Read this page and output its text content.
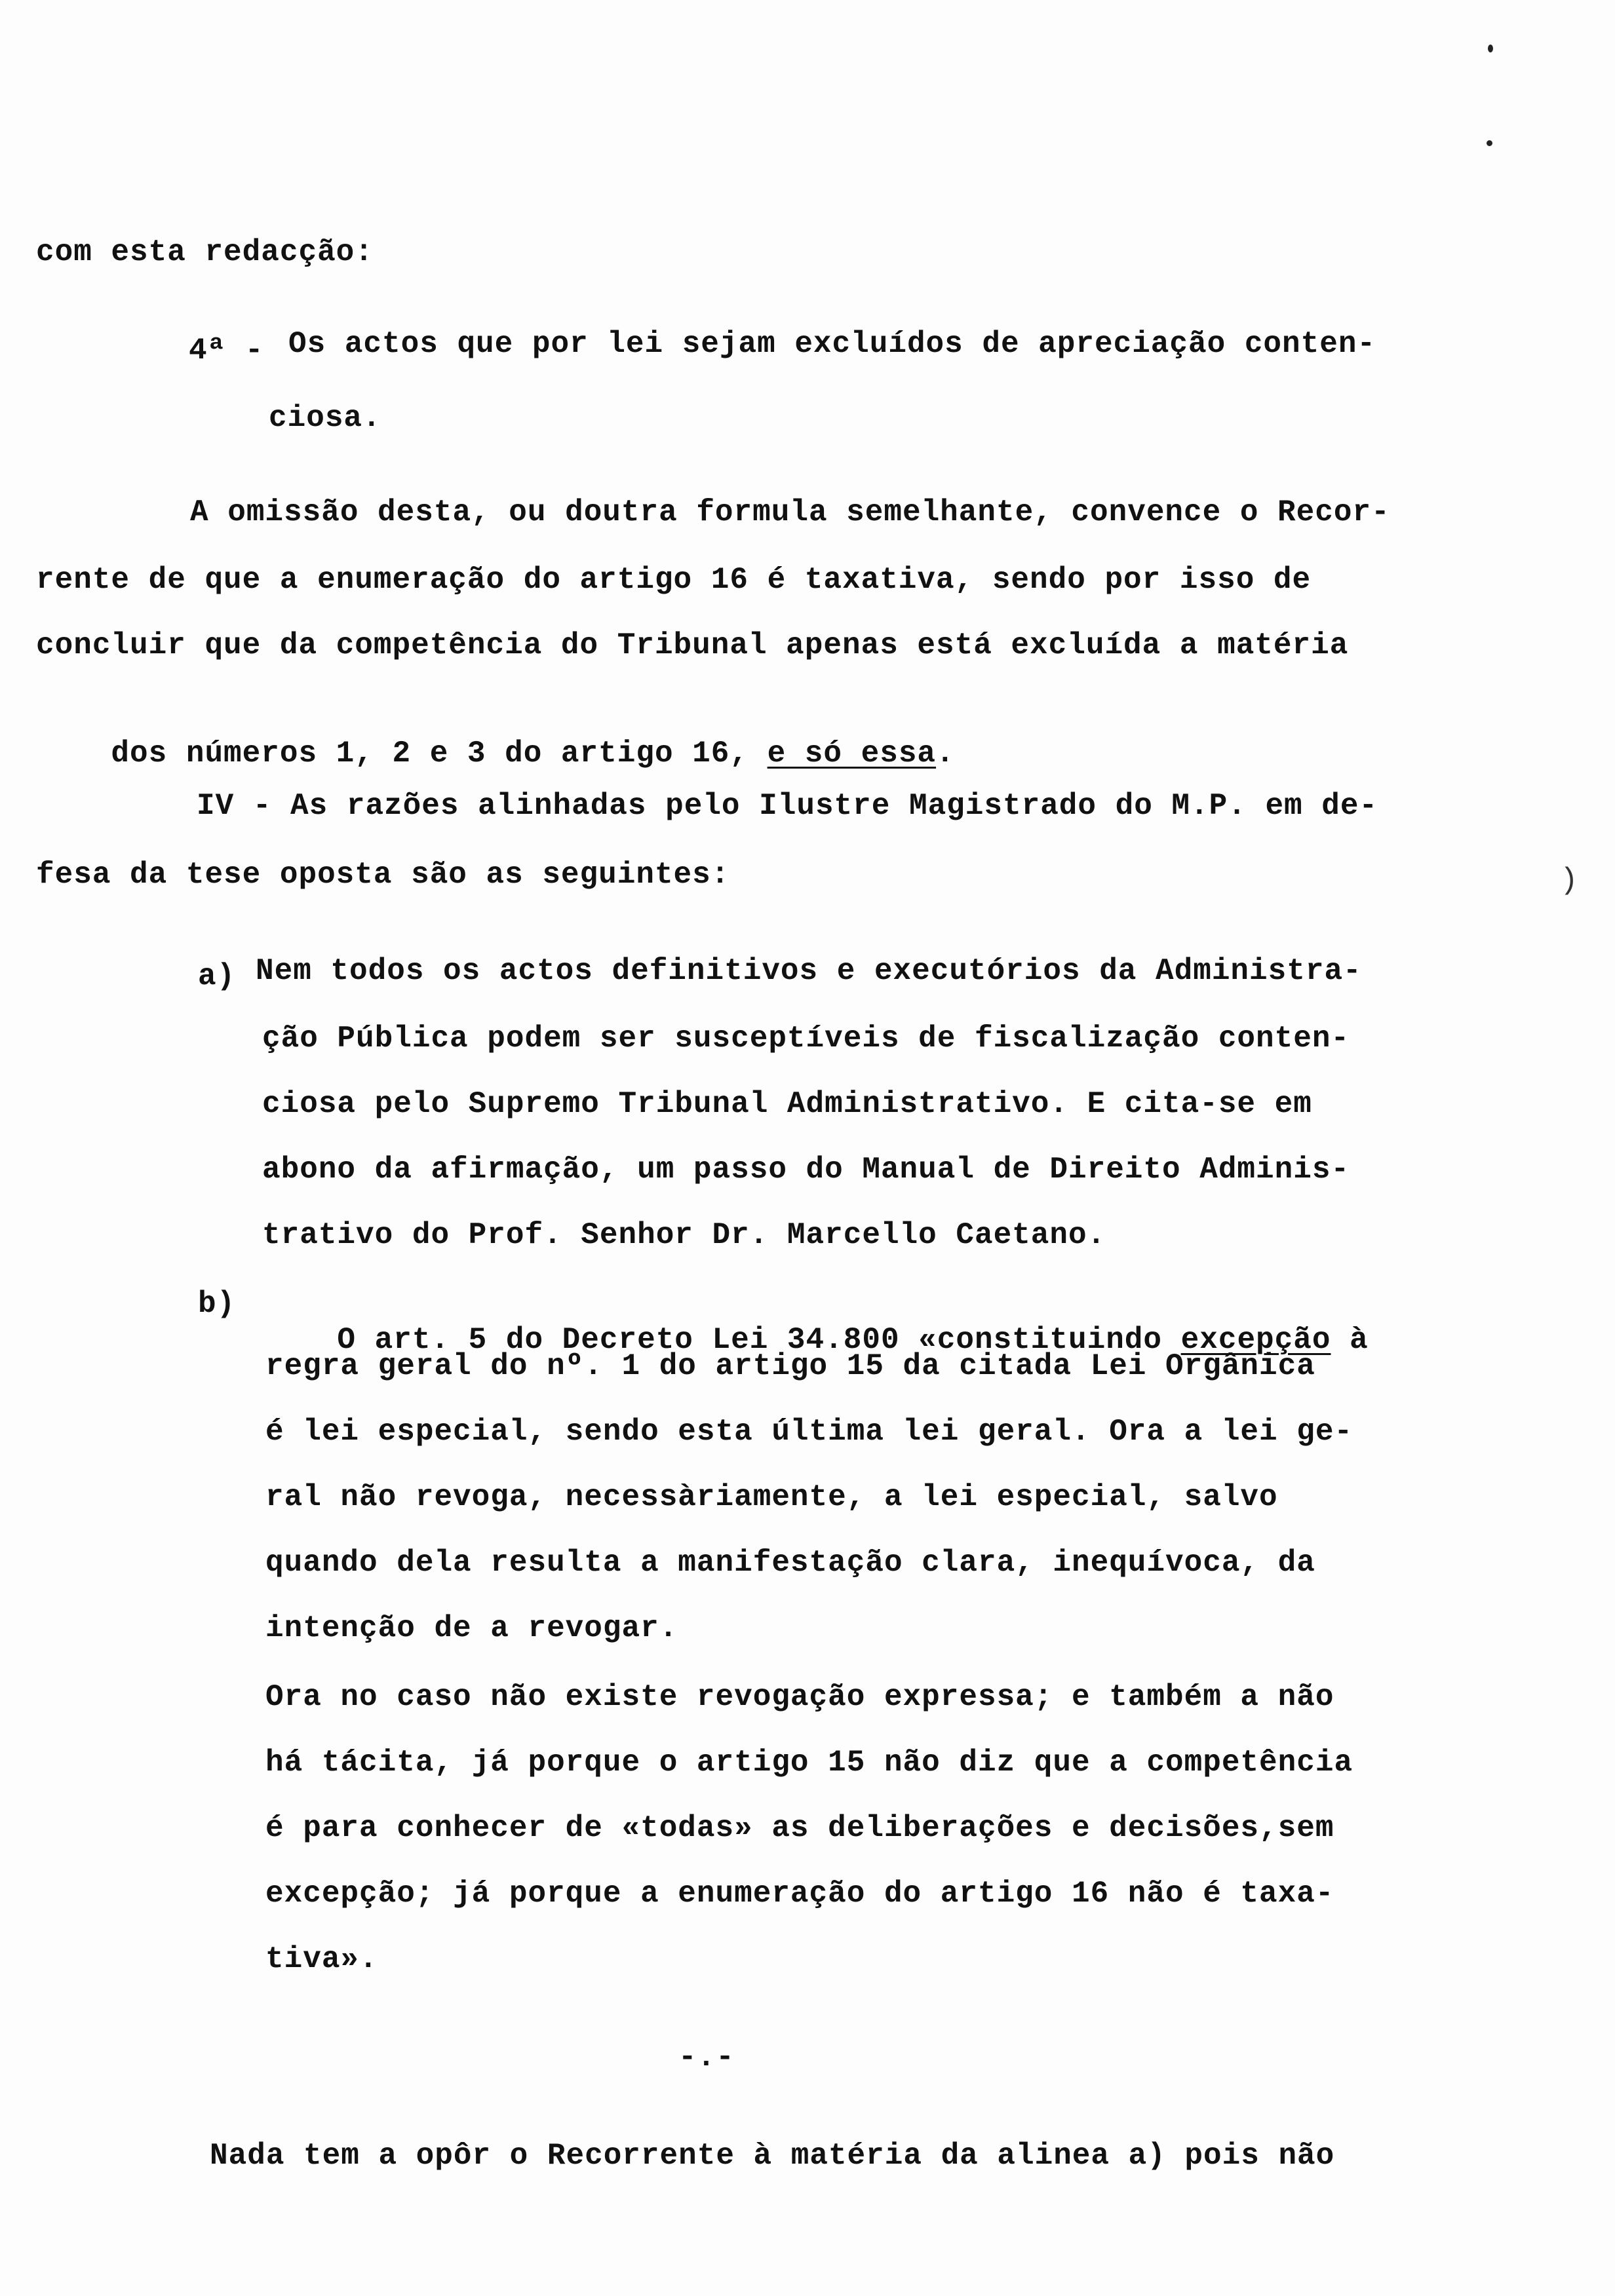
com esta redacção:
4ª - Os actos que por lei sejam excluídos de apreciação conten-
ciosa.
A omissão desta, ou doutra formula semelhante, convence o Recor-
rente de que a enumeração do artigo 16 é taxativa, sendo por isso de
concluir que da competência do Tribunal apenas está excluída a matéria

dos números 1, 2 e 3 do artigo 16, e só essa.

IV - As razões alinhadas pelo Ilustre Magistrado do M.P. em de-
fesa da tese oposta são as seguintes:	)
a) Nem todos os actos definitivos e executórios da Administra-
ção Pública podem ser susceptíveis de fiscalização conten-
ciosa pelo Supremo Tribunal Administrativo. E cita-se em
abono da afirmação, um passo do Manual de Direito Adminis-
trativo do Prof. Senhor Dr. Marcello Caetano.
b)

O art. 5 do Decreto Lei 34.800 «constituindo excepção à

regra geral do nº. 1 do artigo 15 da citada Lei Orgânica
é lei especial, sendo esta última lei geral. Ora a lei ge-
ral não revoga, necessàriamente, a lei especial, salvo
quando dela resulta a manifestação clara, inequívoca, da
intenção de a revogar.
Ora no caso não existe revogação expressa; e também a não
há tácita, já porque o artigo 15 não diz que a competência
é para conhecer de «todas» as deliberações e decisões,sem
excepção; já porque a enumeração do artigo 16 não é taxa-
tiva».
-.-
Nada tem a opôr o Recorrente à matéria da alinea a) pois não
